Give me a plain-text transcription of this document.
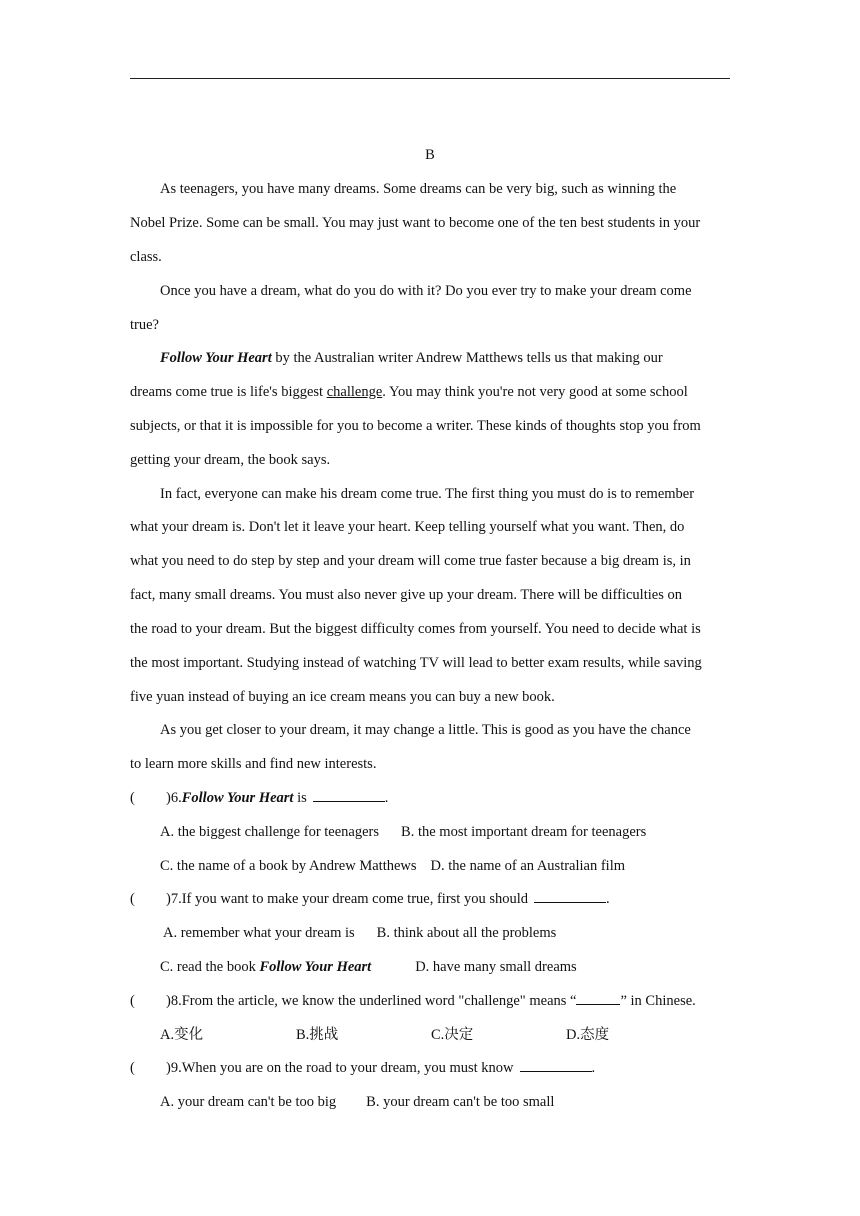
B
As teenagers, you have many dreams. Some dreams can be very big, such as winning the
Nobel Prize. Some can be small. You may just want to become one of the ten best students in your
class.
Once you have a dream, what do you do with it? Do you ever try to make your dream come
true?
Follow Your Heart by the Australian writer Andrew Matthews tells us that making our
dreams come true is life's biggest challenge. You may think you're not very good at some school
subjects, or that it is impossible for you to become a writer. These kinds of thoughts stop you from
getting your dream, the book says.
In fact, everyone can make his dream come true. The first thing you must do is to remember
what your dream is. Don't let it leave your heart. Keep telling yourself what you want. Then, do
what you need to do step by step and your dream will come true faster because a big dream is, in
fact, many small dreams. You must also never give up your dream. There will be difficulties on
the road to your dream. But the biggest difficulty comes from yourself. You need to decide what is
the most important. Studying instead of watching TV will lead to better exam results, while saving
five yuan instead of buying an ice cream means you can buy a new book.
As you get closer to your dream, it may change a little. This is good as you have the chance
to learn more skills and find new interests.
( )6.Follow Your Heart is	.
A. the biggest challenge for teenagers B. the most important dream for teenagers
C. the name of a book by Andrew Matthews D. the name of an Australian film
( )7.If you want to make your dream come true, first you should	.
A. remember what your dream is B. think about all the problems
C. read the book Follow Your Heart	D. have many small dreams
( )8.From the article, we know the underlined word "challenge" means “	” in Chinese.
A.变化	B.挑战	C.决定	D.态度
( )9.When you are on the road to your dream, you must know	.
A. your dream can't be too big B. your dream can't be too small
